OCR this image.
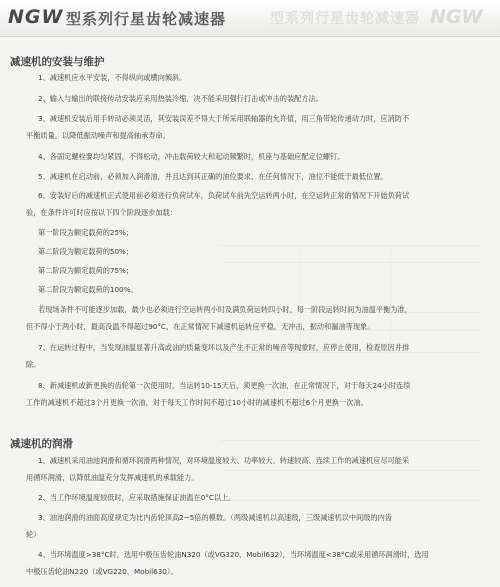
NGW 型系列行星齿轮减速器	型系列行星齿轮减速器 NGW
减速机的安装与维护

1、减速机应水平安装，不得纵向或横向倾斜。

2、输入与输出的联接传动安装应采用热装冷缩，决不能采用强行打击或冲击的装配方法。

3、减速机安装后用手转动必须灵活，其安装误差不得大于所采用联轴器的允许值，用三角带轮传递动力时，应消防不

平衡质量，以降低振动噪声和提高轴承寿命。

4、各固定螺栓要均匀紧固，不得松动，冲击载荷较大和起动频繁时，机座与基础应配定位螺钉。

5、减速机在启动前，必须加入润滑油，并且达到其正确的油位要求，在任何情况下，油位不能低于最低位置。

6、安装好后的减速机正式使用前必须进行负荷试车，负荷试车前先空运转两小时，在空运转正常的情况下开始负荷试

验，在条件许可时应按以下四个阶段逐步加载：

第一阶段为额定载荷的25%；

第二阶段为额定载荷的50%；

第二阶段为额定载荷的75%；

第二阶段为额定载荷的100%。

若现场条件不可能逐步加载，最少也必须进行空运转两小时及满负荷运转四小时，每一阶段运转时间为油温平衡为准，

但不得小于两小时，最高没温不得超过90°C，在正常情况下减速机运转应平稳，无冲击，振动和漏油等现象。

7、在运转过程中，当发现油温显著升高或油的质量变坏以及产生不正常的噪音等现象时，应停止使用，检查原因并排

除。

8、新减速机或新更换的齿轮第一次使用时，当运转10-15天后，须更换一次油，在正常情况下，对于每天24小时连续

工作的减速机不超过3个月更换一次油，对于每天工作时间不超过10小时的减速机不超过6个月更换一次油。

减速机的润滑

1、减速机采用油池润滑和循环润滑两种情况，对环境温度较大、功率较大、转速较高、连续工作的减速机应尽可能采

用循环润滑，以降低油温充分发挥减速机的承载能力。

2、当工作环境温度较低时，应采取措施保证油温在0°C以上。

3、油池润滑的油面高度规定为比内齿轮顶高2~5倍的模数。（两级减速机以高速级，三级减速机以中间级的内齿

轮）

4、当环境温度>38°C时，选用中极压齿轮油N320（或VG320、Mobil632），当环境温度<38°C或采用循环润滑时，选用

中极压齿轮油N220（或VG220、Mobil630）。
